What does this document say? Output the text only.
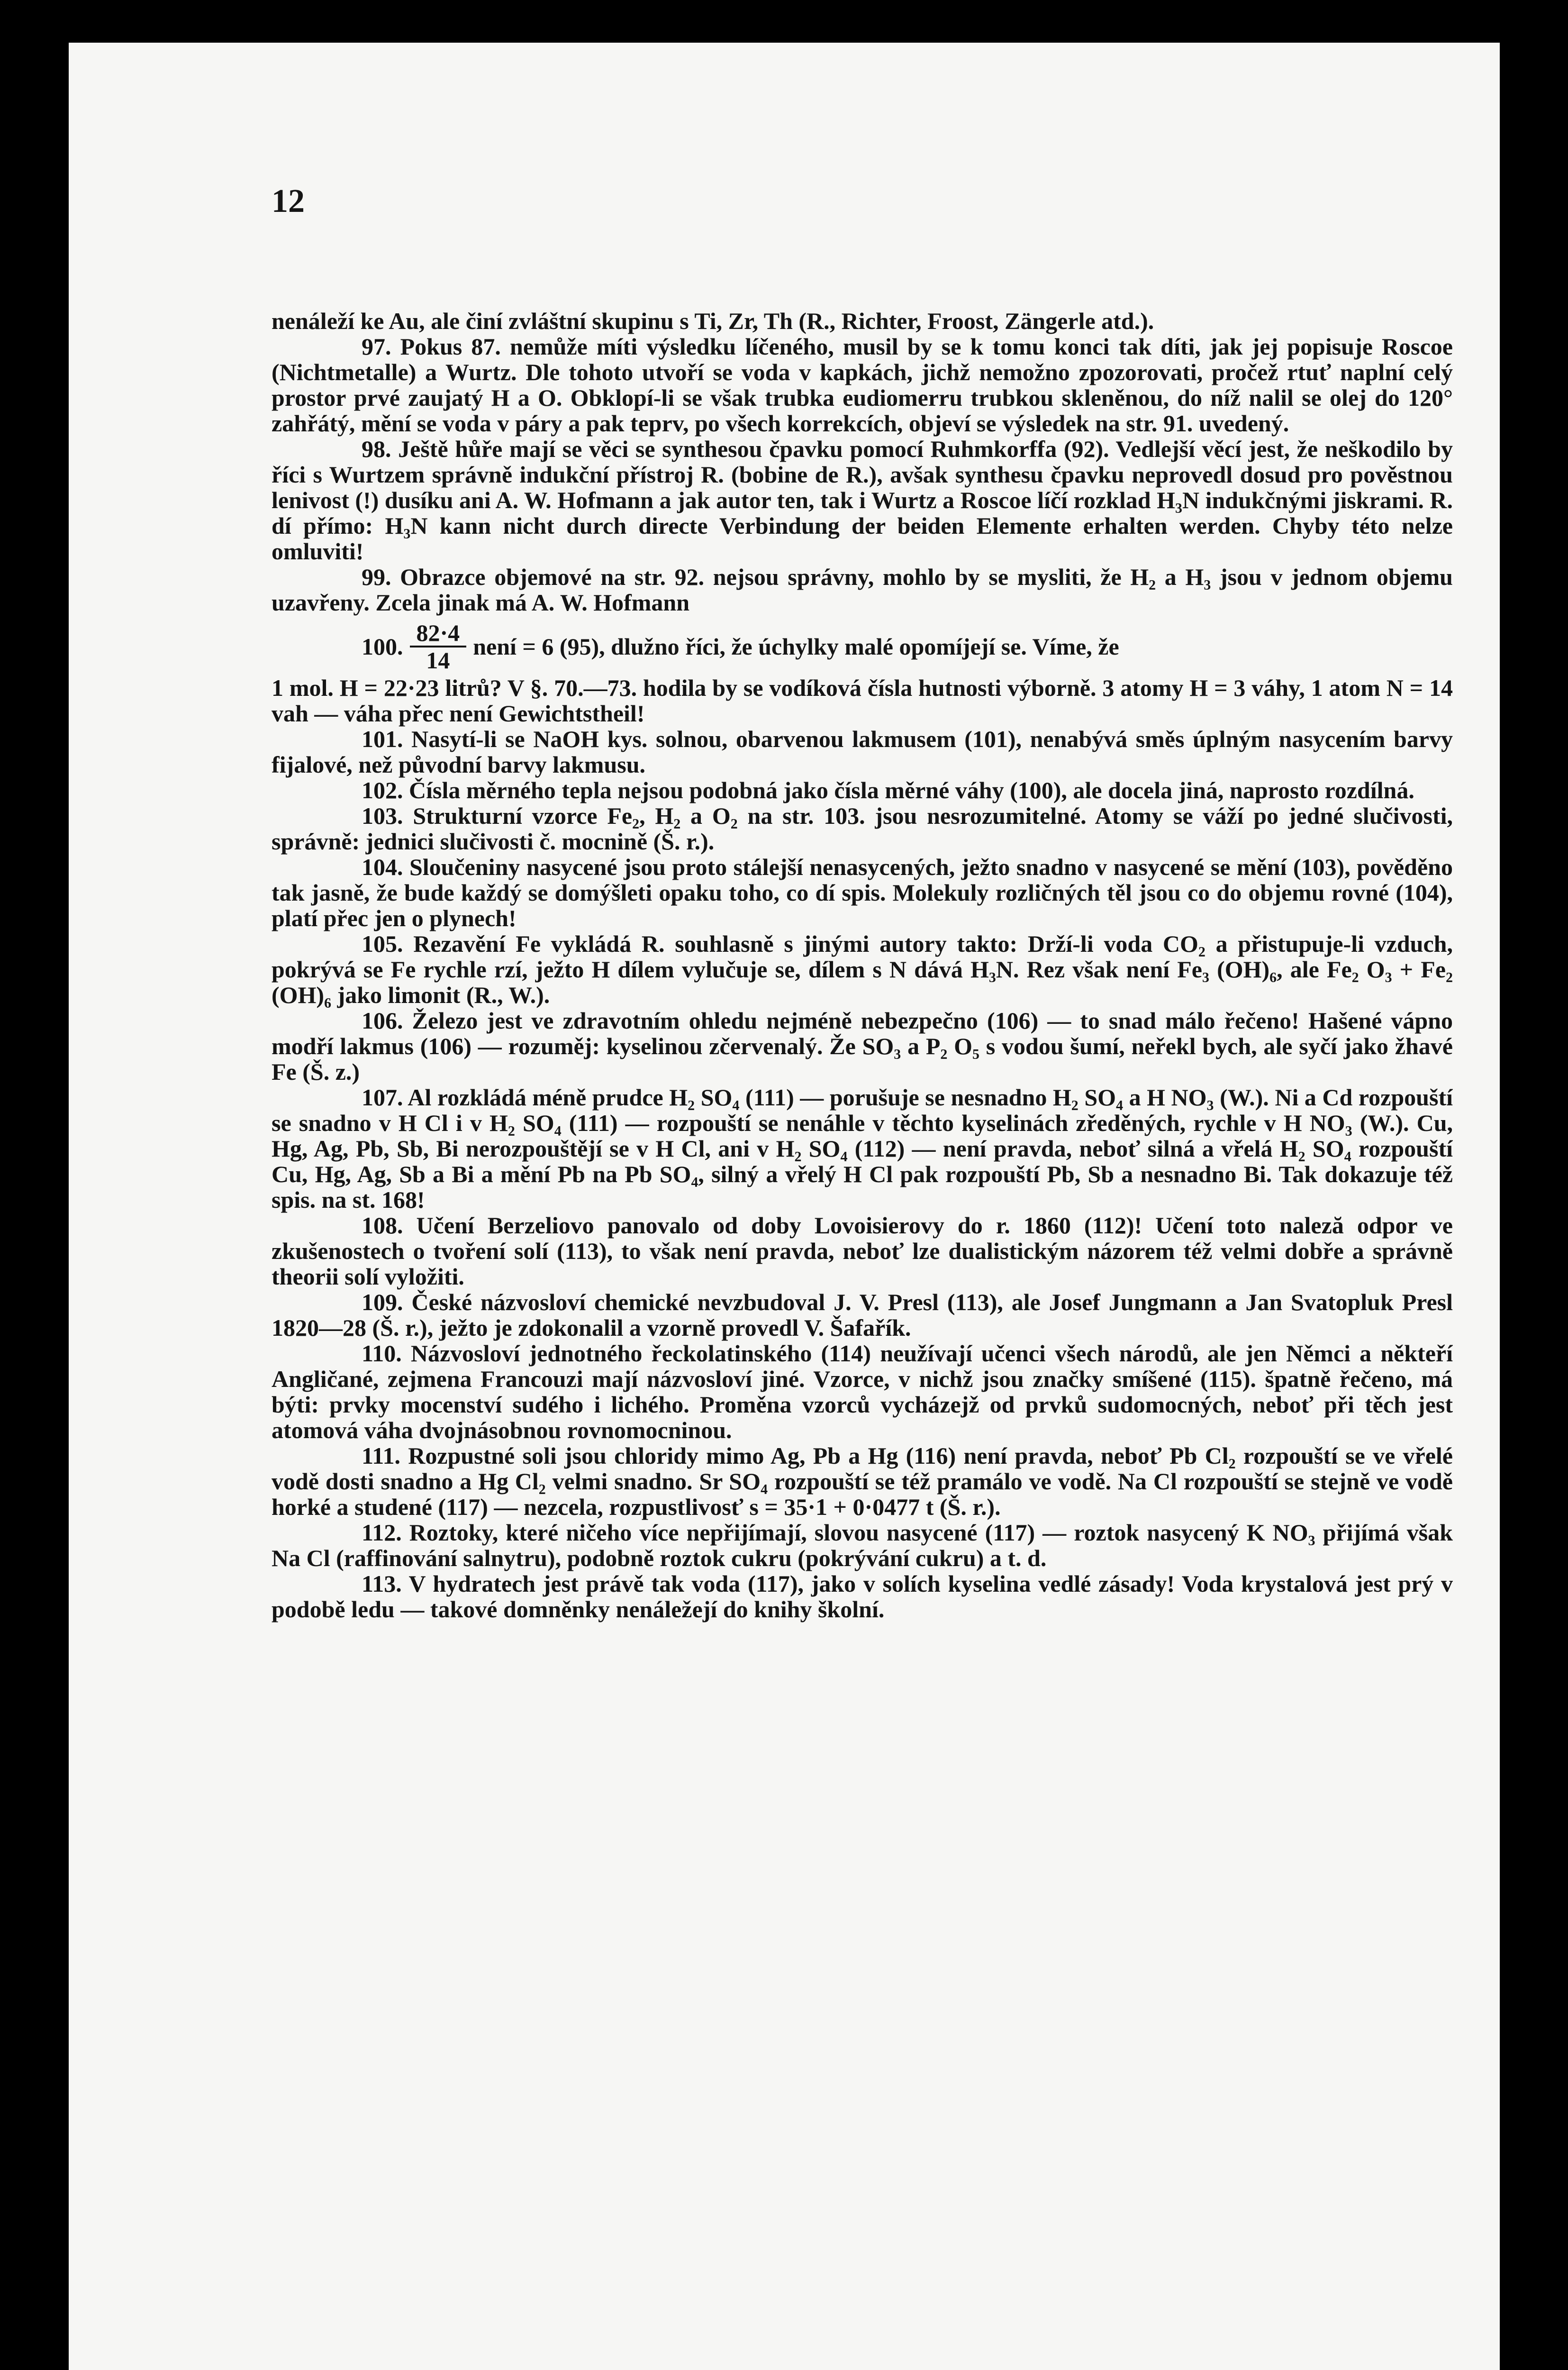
12

nenáleží ke Au, ale činí zvláštní skupinu s Ti, Zr, Th (R., Richter, Froost, Zängerle atd.).

97. Pokus 87. nemůže míti výsledku líčeného, musil by se k tomu konci tak díti, jak jej popisuje Roscoe (Nichtmetalle) a Wurtz. Dle tohoto utvoří se voda v kapkách, jichž nemožno zpozorovati, pročež rtuť naplní celý prostor prvé zaujatý H a O. Obklopí-li se však trubka eudiomerru trubkou skleněnou, do níž nalil se olej do 120° zahřátý, mění se voda v páry a pak teprv, po všech korrekcích, objeví se výsledek na str. 91. uvedený.

98. Ještě hůře mají se věci se synthesou čpavku pomocí Ruhmkorffa (92). Vedlejší věcí jest, že neškodilo by říci s Wurtzem správně indukční přístroj R. (bobine de R.), avšak synthesu čpavku neprovedl dosud pro pověstnou lenivost (!) dusíku ani A. W. Hofmann a jak autor ten, tak i Wurtz a Roscoe líčí rozklad H₃N indukčnými jiskrami. R. dí přímo: H₃N kann nicht durch directe Verbindung der beiden Elemente erhalten werden. Chyby této nelze omluviti!

99. Obrazce objemové na str. 92. nejsou správny, mohlo by se mysliti, že H₂ a H₃ jsou v jednom objemu uzavřeny. Zcela jinak má A. W. Hofmann

100. $\frac{82\cdot 4}{14}$ není = 6 (95), dlužno říci, že úchylky malé opomíjejí se. Víme, že

1 mol. H = 22·23 litrů? V §. 70.—73. hodila by se vodíková čísla hutnosti výborně. 3 atomy H = 3 váhy, 1 atom N = 14 vah — váha přec není Gewichtstheil!

101. Nasytí-li se NaOH kys. solnou, obarvenou lakmusem (101), nenabývá směs úplným nasycením barvy fijalové, než původní barvy lakmusu.

102. Čísla měrného tepla nejsou podobná jako čísla měrné váhy (100), ale docela jiná, naprosto rozdílná.

103. Strukturní vzorce Fe₂, H₂ a O₂ na str. 103. jsou nesrozumitelné. Atomy se váží po jedné slučivosti, správně: jednici slučivosti č. mocnině (Š. r.).

104. Sloučeniny nasycené jsou proto stálejší nenasycených, ježto snadno v nasycené se mění (103), pověděno tak jasně, že bude každý se domýšleti opaku toho, co dí spis. Molekuly rozličných těl jsou co do objemu rovné (104), platí přec jen o plynech!

105. Rezavění Fe vykládá R. souhlasně s jinými autory takto: Drží-li voda CO₂ a přistupuje-li vzduch, pokrývá se Fe rychle rzí, ježto H dílem vylučuje se, dílem s N dává H₃N. Rez však není Fe₃ (OH)₆, ale Fe₂ O₃ + Fe₂ (OH)₆ jako limonit (R., W.).

106. Železo jest ve zdravotním ohledu nejméně nebezpečno (106) — to snad málo řečeno! Hašené vápno modří lakmus (106) — rozuměj: kyselinou zčervenalý. Že SO₃ a P₂ O₅ s vodou šumí, neřekl bych, ale syčí jako žhavé Fe (Š. z.)

107. Al rozkládá méně prudce H₂ SO₄ (111) — porušuje se nesnadno H₂ SO₄ a H NO₃ (W.). Ni a Cd rozpouští se snadno v H Cl i v H₂ SO₄ (111) — rozpouští se nenáhle v těchto kyselinách zředěných, rychle v H NO₃ (W.). Cu, Hg, Ag, Pb, Sb, Bi nerozpouštějí se v H Cl, ani v H₂ SO₄ (112) — není pravda, neboť silná a vřelá H₂ SO₄ rozpouští Cu, Hg, Ag, Sb a Bi a mění Pb na Pb SO₄, silný a vřelý H Cl pak rozpouští Pb, Sb a nesnadno Bi. Tak dokazuje též spis. na st. 168!

108. Učení Berzeliovo panovalo od doby Lovoisierovy do r. 1860 (112)! Učení toto naleză odpor ve zkušenostech o tvoření solí (113), to však není pravda, neboť lze dualistickým názorem též velmi dobře a správně theorii solí vyložiti.

109. České názvosloví chemické nevzbudoval J. V. Presl (113), ale Josef Jungmann a Jan Svatopluk Presl 1820—28 (Š. r.), ježto je zdokonalil a vzorně provedl V. Šafařík.

110. Názvosloví jednotného řeckolatinského (114) neužívají učenci všech národů, ale jen Němci a někteří Angličané, zejmena Francouzi mají názvosloví jiné. Vzorce, v nichž jsou značky smíšené (115). špatně řečeno, má býti: prvky mocenství sudého i lichého. Proměna vzorců vycházejž od prvků sudomocných, neboť při těch jest atomová váha dvojnásobnou rovnomocninou.

111. Rozpustné soli jsou chloridy mimo Ag, Pb a Hg (116) není pravda, neboť Pb Cl₂ rozpouští se ve vřelé vodě dosti snadno a Hg Cl₂ velmi snadno. Sr SO₄ rozpouští se též pramálo ve vodě. Na Cl rozpouští se stejně ve vodě horké a studené (117) — nezcela, rozpustlivosť s = 35·1 + 0·0477 t (Š. r.).

112. Roztoky, které ničeho více nepřijímají, slovou nasycené (117) — roztok nasycený K NO₃ přijímá však Na Cl (raffinování salnytru), podobně roztok cukru (pokrývání cukru) a t. d.

113. V hydratech jest právě tak voda (117), jako v solích kyselina vedlé zásady! Voda krystalová jest prý v podobě ledu — takové domněnky nenáležejí do knihy školní.
